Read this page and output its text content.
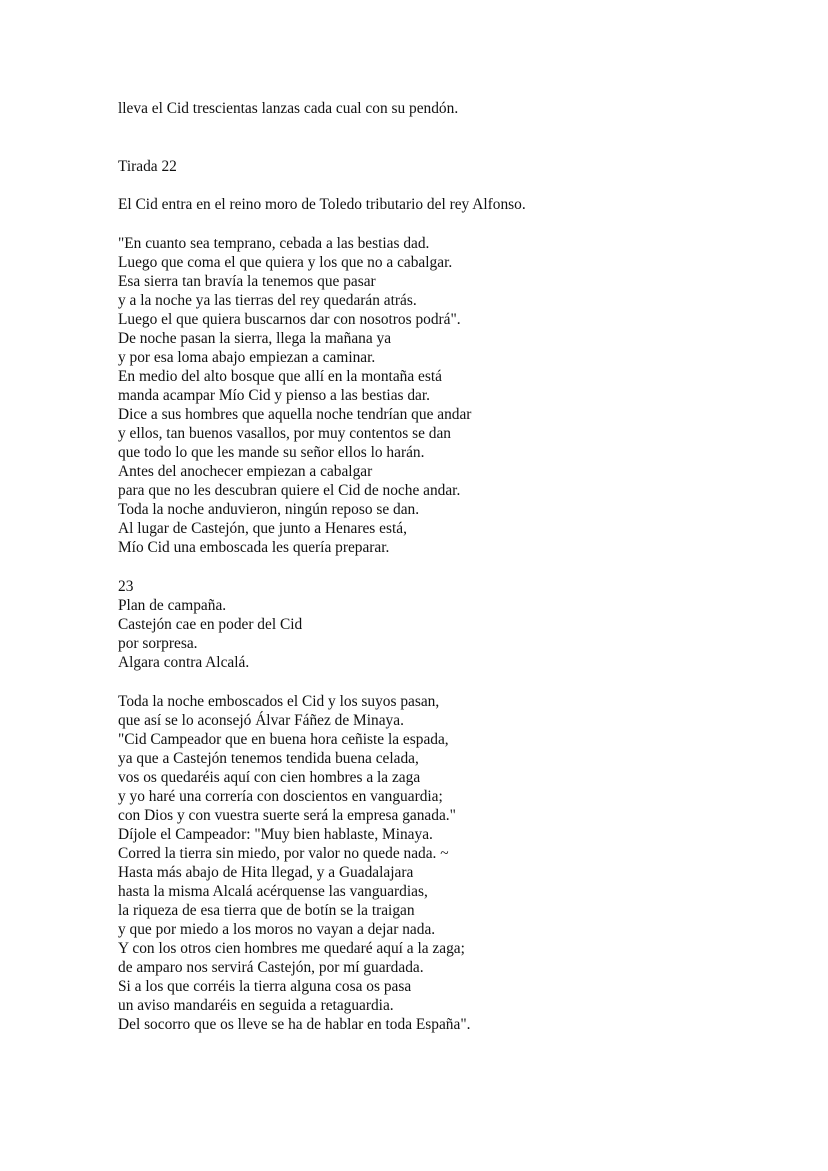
lleva el Cid trescientas lanzas cada cual con su pendón.
Tirada 22
El Cid entra en el reino moro de Toledo tributario del rey Alfonso.
"En cuanto sea temprano, cebada a las bestias dad.
Luego que coma el que quiera y los que no a cabalgar.
Esa sierra tan bravía la tenemos que pasar
y a la noche ya las tierras del rey quedarán atrás.
Luego el que quiera buscarnos dar con nosotros podrá".
De noche pasan la sierra, llega la mañana ya
y por esa loma abajo empiezan a caminar.
En medio del alto bosque que allí en la montaña está
manda acampar Mío Cid y pienso a las bestias dar.
Dice a sus hombres que aquella noche tendrían que andar
y ellos, tan buenos vasallos, por muy contentos se dan
que todo lo que les mande su señor ellos lo harán.
Antes del anochecer empiezan a cabalgar
para que no les descubran quiere el Cid de noche andar.
Toda la noche anduvieron, ningún reposo se dan.
Al lugar de Castejón, que junto a Henares está,
Mío Cid una emboscada les quería preparar.
23
Plan de campaña.
Castejón cae en poder del Cid
por sorpresa.
Algara contra Alcalá.
Toda la noche emboscados el Cid y los suyos pasan,
que así se lo aconsejó Álvar Fáñez de Minaya.
"Cid Campeador que en buena hora ceñiste la espada,
ya que a Castejón tenemos tendida buena celada,
vos os quedaréis aquí con cien hombres a la zaga
y yo haré una correría con doscientos en vanguardia;
con Dios y con vuestra suerte será la empresa ganada."
Díjole el Campeador: "Muy bien hablaste, Minaya.
Corred la tierra sin miedo, por valor no quede nada. ~
Hasta más abajo de Hita llegad, y a Guadalajara
hasta la misma Alcalá acérquense las vanguardias,
la riqueza de esa tierra que de botín se la traigan
y que por miedo a los moros no vayan a dejar nada.
Y con los otros cien hombres me quedaré aquí a la zaga;
de amparo nos servirá Castejón, por mí guardada.
Si a los que corréis la tierra alguna cosa os pasa
un aviso mandaréis en seguida a retaguardia.
Del socorro que os lleve se ha de hablar en toda España".
